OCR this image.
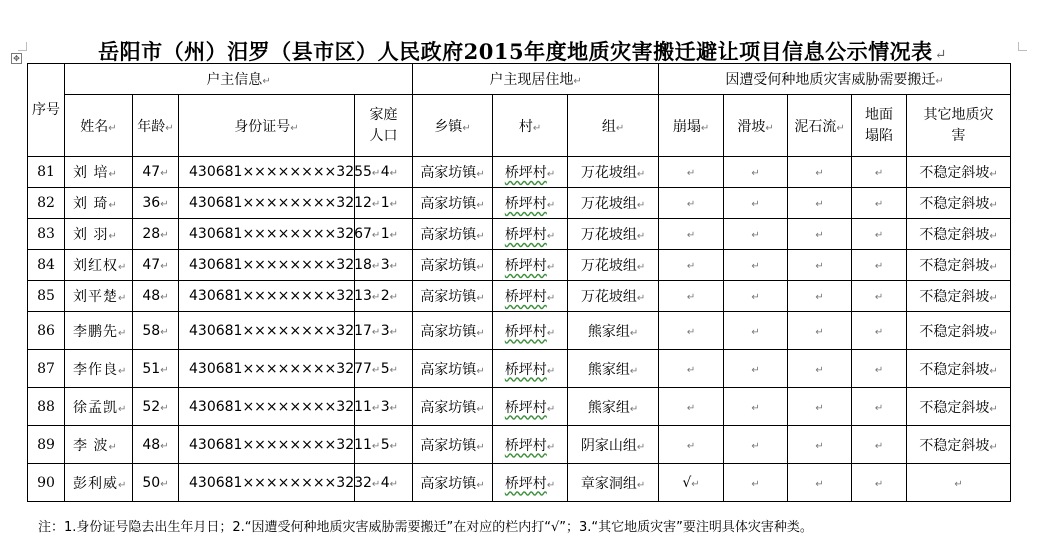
✥	岳阳市（州）汨罗（县市区）人民政府2015年度地质灾害搬迁避让项目信息公示情况表 ↵
序号	户主信息↵				户主现居住地↵			因遭受何种地质灾害威胁需要搬迁↵				
	姓名↵	年龄↵	身份证号↵	家庭人口	乡镇↵	村↵	组↵	崩塌↵	滑坡↵	泥石流↵	地面塌陷	其它地质灾害
81	刘 培↵	47↵	430681××××××××3255↵	4↵	高家坊镇↵	桥坪村↵	万花坡组↵	↵	↵	↵	↵	不稳定斜坡↵
82	刘 琦↵	36↵	430681××××××××3212↵	1↵	高家坊镇↵	桥坪村↵	万花坡组↵	↵	↵	↵	↵	不稳定斜坡↵
83	刘 羽↵	28↵	430681××××××××3267↵	1↵	高家坊镇↵	桥坪村↵	万花坡组↵	↵	↵	↵	↵	不稳定斜坡↵
84	刘红权↵	47↵	430681××××××××3218↵	3↵	高家坊镇↵	桥坪村↵	万花坡组↵	↵	↵	↵	↵	不稳定斜坡↵
85	刘平楚↵	48↵	430681××××××××3213↵	2↵	高家坊镇↵	桥坪村↵	万花坡组↵	↵	↵	↵	↵	不稳定斜坡↵
86	李鹏先↵	58↵	430681××××××××3217↵	3↵	高家坊镇↵	桥坪村↵	熊家组↵	↵	↵	↵	↵	不稳定斜坡↵
87	李作良↵	51↵	430681××××××××3277↵	5↵	高家坊镇↵	桥坪村↵	熊家组↵	↵	↵	↵	↵	不稳定斜坡↵
88	徐孟凯↵	52↵	430681××××××××3211↵	3↵	高家坊镇↵	桥坪村↵	熊家组↵	↵	↵	↵	↵	不稳定斜坡↵
89	李 波↵	48↵	430681××××××××3211↵	5↵	高家坊镇↵	桥坪村↵	阴家山组↵	↵	↵	↵	↵	不稳定斜坡↵
90	彭利威↵	50↵	430681××××××××3232↵	4↵	高家坊镇↵	桥坪村↵	章家洞组↵	√↵	↵	↵	↵	↵
注：1.身份证号隐去出生年月日；2.“因遭受何种地质灾害威胁需要搬迁”在对应的栏内打“√”；3.“其它地质灾害”要注明具体灾害种类。
